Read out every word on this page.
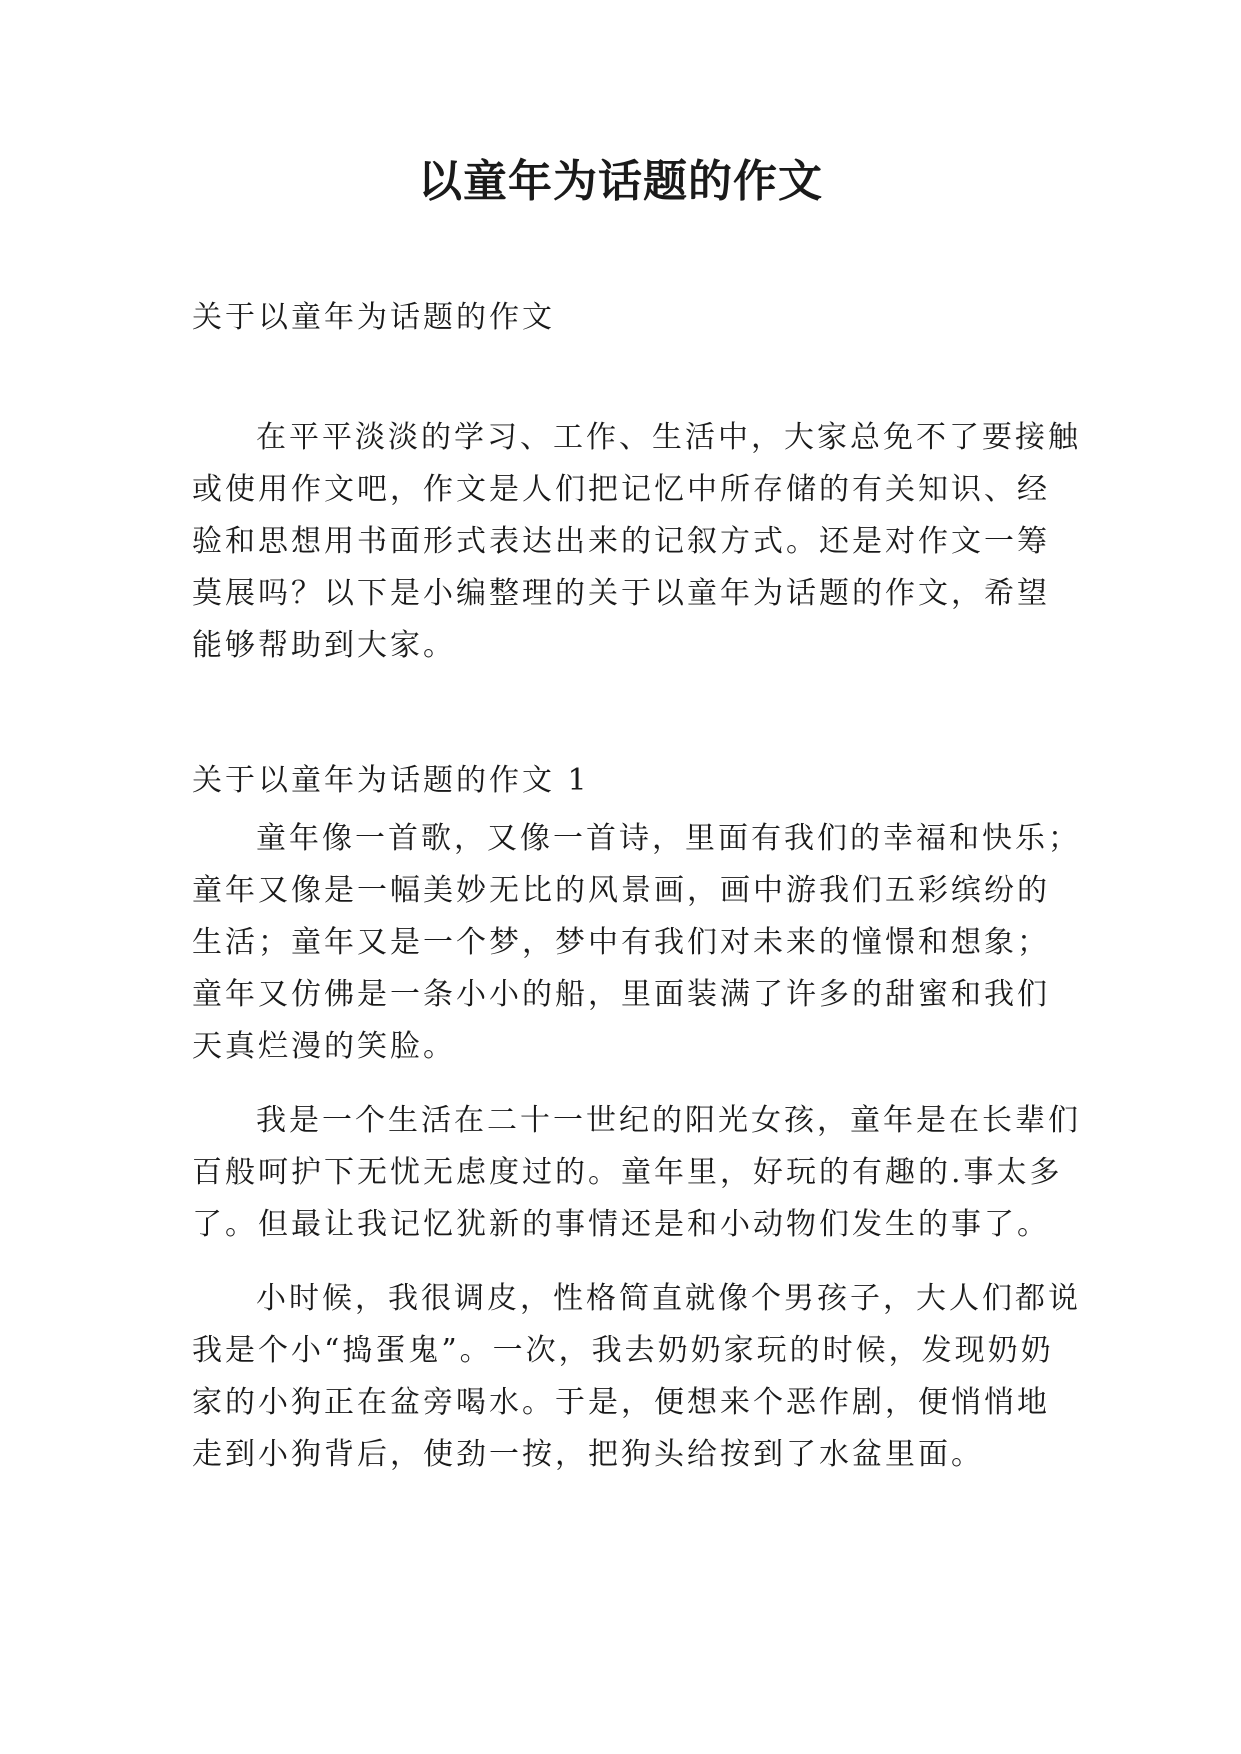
以童年为话题的作文

关于以童年为话题的作文

在平平淡淡的学习、工作、生活中，大家总免不了要接触或使用作文吧，作文是人们把记忆中所存储的有关知识、经验和思想用书面形式表达出来的记叙方式。还是对作文一筹莫展吗？以下是小编整理的关于以童年为话题的作文，希望能够帮助到大家。

关于以童年为话题的作文 1

童年像一首歌，又像一首诗，里面有我们的幸福和快乐；童年又像是一幅美妙无比的风景画，画中游我们五彩缤纷的生活；童年又是一个梦，梦中有我们对未来的憧憬和想象；童年又仿佛是一条小小的船，里面装满了许多的甜蜜和我们天真烂漫的笑脸。

我是一个生活在二十一世纪的阳光女孩，童年是在长辈们百般呵护下无忧无虑度过的。童年里，好玩的有趣的.事太多了。但最让我记忆犹新的事情还是和小动物们发生的事了。

小时候，我很调皮，性格简直就像个男孩子，大人们都说我是个小“捣蛋鬼”。一次，我去奶奶家玩的时候，发现奶奶家的小狗正在盆旁喝水。于是，便想来个恶作剧，便悄悄地走到小狗背后，使劲一按，把狗头给按到了水盆里面。
